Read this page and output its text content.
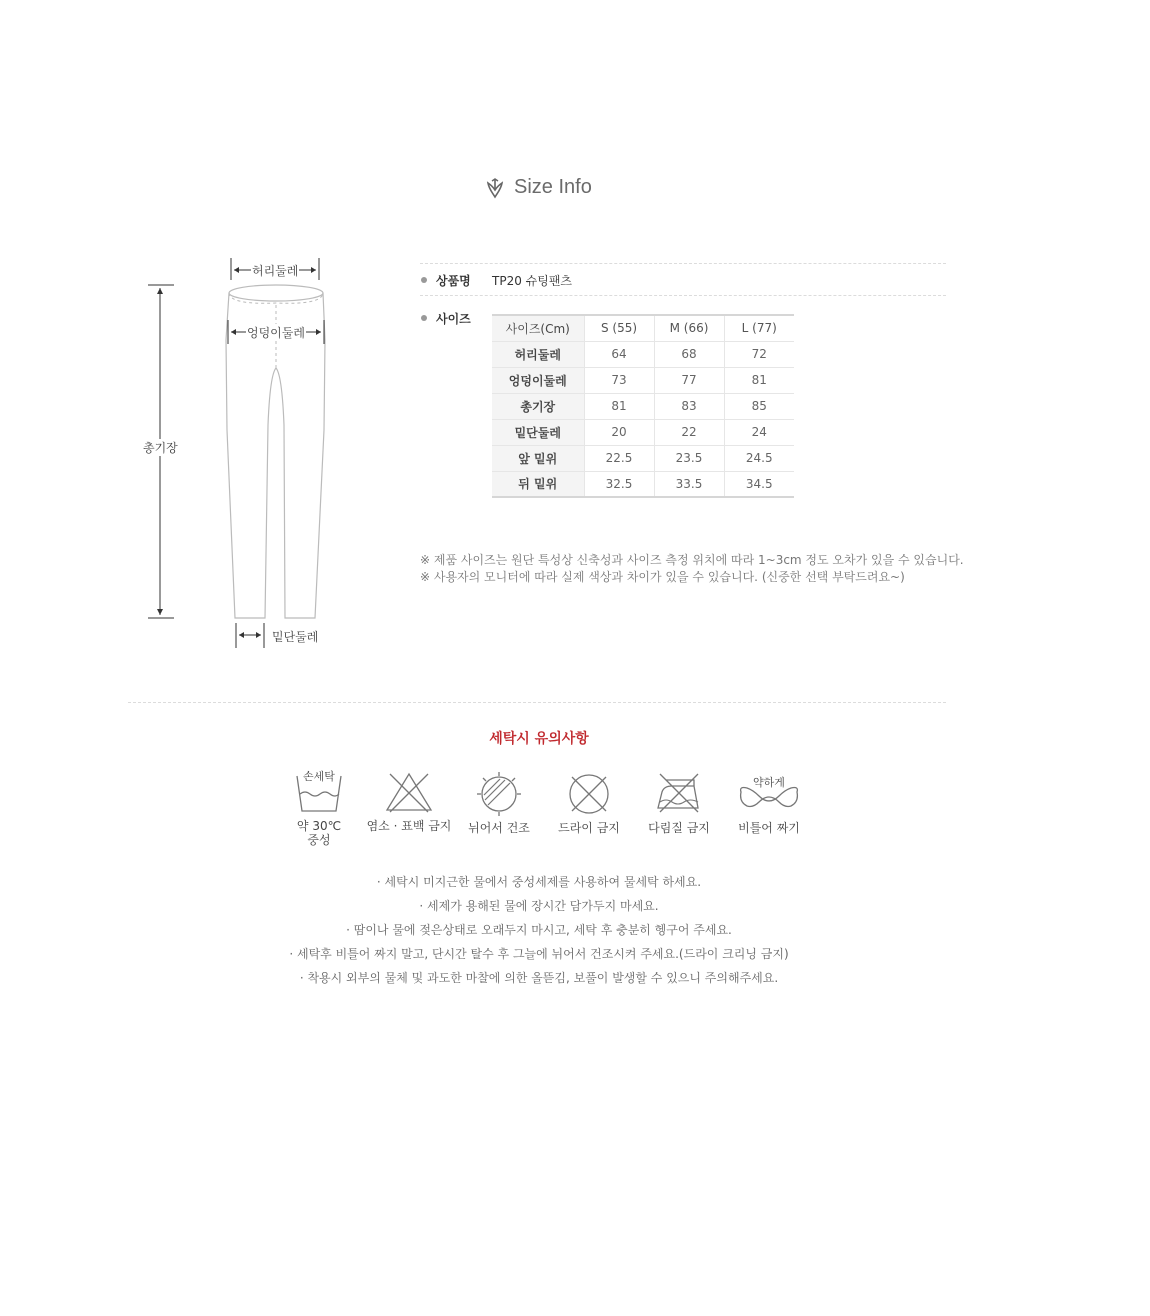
Size Info
허리둘레
엉덩이둘레
총기장
밑단둘레
상품명 TP20 슈팅팬츠
사이즈
사이즈(Cm)	S (55)	M (66)	L (77)
허리둘레	64	68	72
엉덩이둘레	73	77	81
총기장	81	83	85
밑단둘레	20	22	24
앞 밑위	22.5	23.5	24.5
뒤 밑위	32.5	33.5	34.5
※ 제품 사이즈는 원단 특성상 신축성과 사이즈 측정 위치에 따라 1~3cm 정도 오차가 있을 수 있습니다.
※ 사용자의 모니터에 따라 실제 색상과 차이가 있을 수 있습니다. (신중한 선택 부탁드려요~)
세탁시 유의사항
손세탁
약 30℃
중성
염소 · 표백 금지	뉘어서 건조	드라이 금지	다림질 금지
약하게
비틀어 짜기
· 세탁시 미지근한 물에서 중성세제를 사용하여 물세탁 하세요.
· 세제가 용해된 물에 장시간 담가두지 마세요.
· 땀이나 물에 젖은상태로 오래두지 마시고, 세탁 후 충분히 헹구어 주세요.
· 세탁후 비틀어 짜지 말고, 단시간 탈수 후 그늘에 뉘어서 건조시켜 주세요.(드라이 크리닝 금지)
· 착용시 외부의 물체 및 과도한 마찰에 의한 올뜯김, 보풀이 발생할 수 있으니 주의해주세요.
